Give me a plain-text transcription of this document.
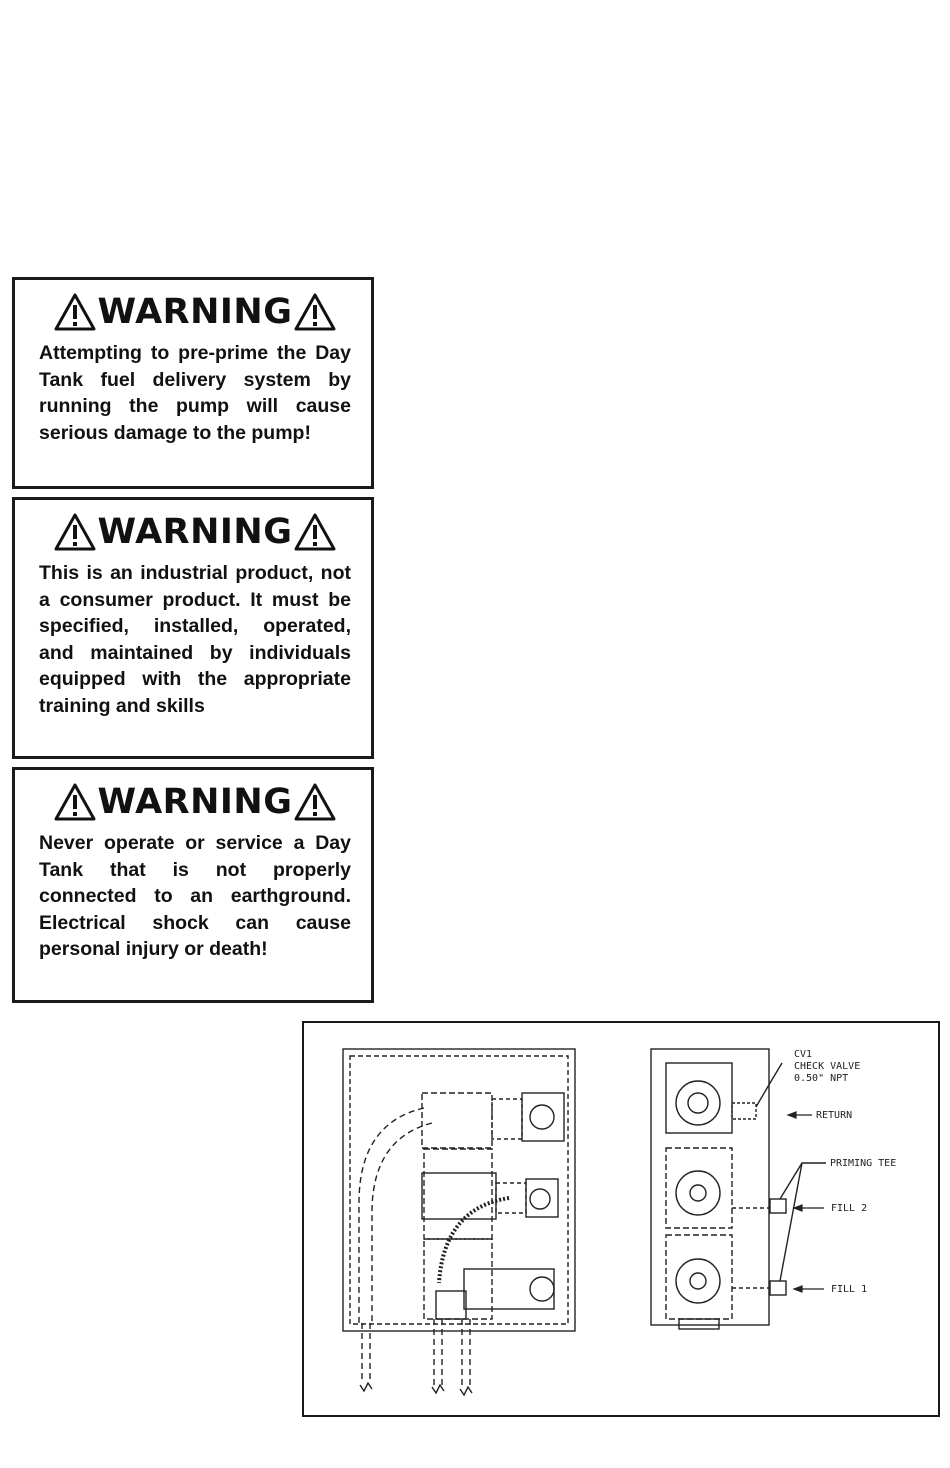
WARNING

Attempting to pre-prime the Day Tank fuel delivery system by running the pump will cause serious damage to the pump!

WARNING

This is an industrial product, not a consumer product. It must be specified, installed, operated, and maintained by individuals equipped with the appropriate training and skills

WARNING

Never operate or service a Day Tank that is not properly connected to an earthground. Electrical shock can cause personal injury or death!

CV1
CHECK VALVE
0.50" NPT
RETURN
PRIMING TEE
FILL 2
FILL 1
